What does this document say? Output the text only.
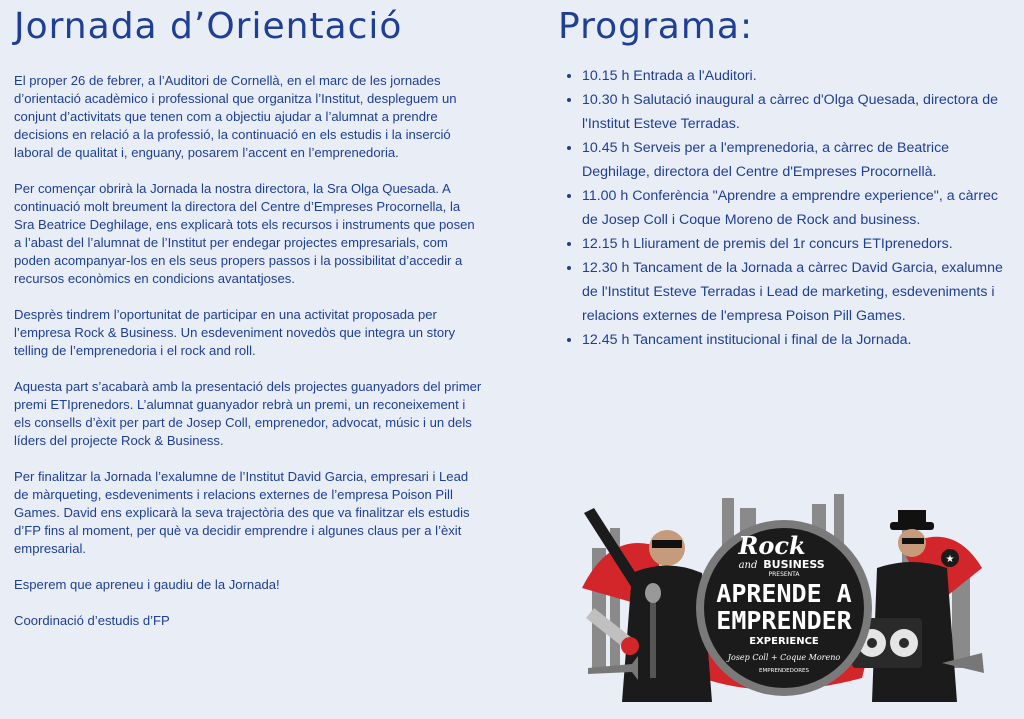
Jornada d’Orientació

El proper 26 de febrer, a l’Auditori de Cornellà, en el marc de les jornades d’orientació acadèmico i professional que organitza l’Institut, despleguem un conjunt d’activitats que tenen com a objectiu ajudar a l’alumnat a prendre decisions en relació a la professió, la continuació en els estudis i la inserció laboral de qualitat i, enguany, posarem l’accent en l’emprenedoria.

Per començar obrirà la Jornada la nostra directora, la Sra Olga Quesada. A continuació molt breument la directora del Centre d’Empreses Procornella, la Sra Beatrice Deghilage, ens explicarà tots els recursos i instruments que posen a l’abast del l’alumnat de l’Institut per endegar projectes empresarials, com poden acompanyar-los en els seus propers passos i la possibilitat d’accedir a recursos econòmics en condicions avantatjoses.

Desprès tindrem l’oportunitat de participar en una activitat proposada per l’empresa Rock & Business. Un esdeveniment novedòs que integra un story telling de l’emprenedoria i el rock and roll.

Aquesta part s’acabarà amb la presentació dels projectes guanyadors del primer premi ETIprenedors. L’alumnat guanyador rebrà un premi, un reconeixement i els consells d’èxit per part de Josep Coll, emprenedor, advocat, músic i un dels líders del projecte Rock & Business.

Per finalitzar la Jornada l’exalumne de l’Institut David Garcia, empresari i Lead de màrqueting, esdeveniments i relacions externes de l’empresa Poison Pill Games. David ens explicarà la seva trajectòria des que va finalitzar els estudis d’FP fins al moment, per què va decidir emprendre i algunes claus per a l’èxit empresarial.

Esperem que apreneu i gaudiu de la Jornada!

Coordinació d’estudis d’FP

Programa:
• 10.15 h Entrada a l'Auditori.
• 10.30 h Salutació inaugural a càrrec d'Olga Quesada, directora de l'Institut Esteve Terradas.
• 10.45 h Serveis per a l'emprenedoria, a càrrec de Beatrice Deghilage, directora del Centre d'Empreses Procornellà.
• 11.00 h Conferència "Aprendre a emprendre experience", a càrrec de Josep Coll i Coque Moreno de Rock and business.
• 12.15 h Lliurament de premis del 1r concurs ETIprenedors.
• 12.30 h Tancament de la Jornada a càrrec David Garcia, exalumne de l'Institut Esteve Terradas i Lead de marketing, esdeveniments i relacions externes de l'empresa Poison Pill Games.
• 12.45 h Tancament institucional i final de la Jornada.
★
Rock
and BUSINESS
PRESENTA
APRENDE A
EMPRENDER
EXPERIENCE
Josep Coll + Coque Moreno
EMPRENDEDORES
